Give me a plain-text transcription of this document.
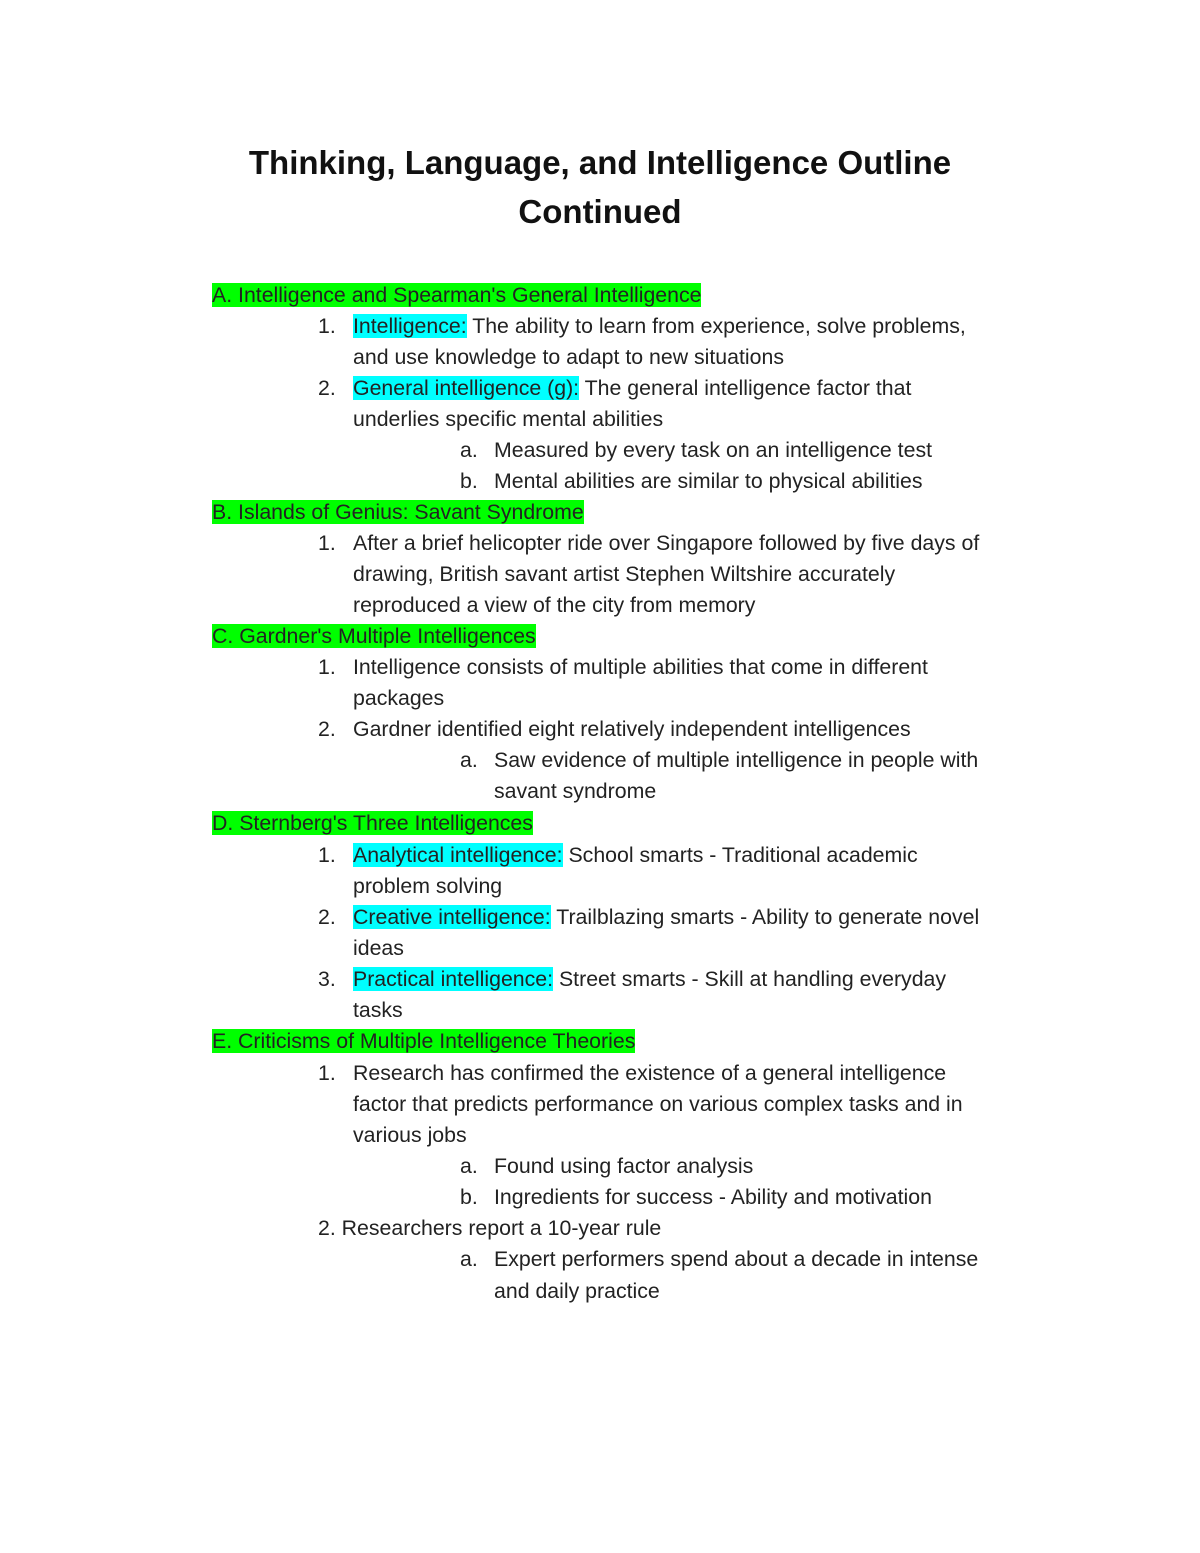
Thinking, Language, and Intelligence Outline
Continued
A. Intelligence and Spearman's General Intelligence
1. Intelligence: The ability to learn from experience, solve problems,
and use knowledge to adapt to new situations
2. General intelligence (g): The general intelligence factor that
underlies specific mental abilities
a. Measured by every task on an intelligence test
b. Mental abilities are similar to physical abilities
B. Islands of Genius: Savant Syndrome
1. After a brief helicopter ride over Singapore followed by five days of
drawing, British savant artist Stephen Wiltshire accurately
reproduced a view of the city from memory
C. Gardner's Multiple Intelligences
1. Intelligence consists of multiple abilities that come in different
packages
2. Gardner identified eight relatively independent intelligences
a. Saw evidence of multiple intelligence in people with
savant syndrome
D. Sternberg's Three Intelligences
1. Analytical intelligence: School smarts - Traditional academic
problem solving
2. Creative intelligence: Trailblazing smarts - Ability to generate novel
ideas
3. Practical intelligence: Street smarts - Skill at handling everyday
tasks
E. Criticisms of Multiple Intelligence Theories
1. Research has confirmed the existence of a general intelligence
factor that predicts performance on various complex tasks and in
various jobs
a. Found using factor analysis
b. Ingredients for success - Ability and motivation
2. Researchers report a 10-year rule
a. Expert performers spend about a decade in intense
and daily practice
